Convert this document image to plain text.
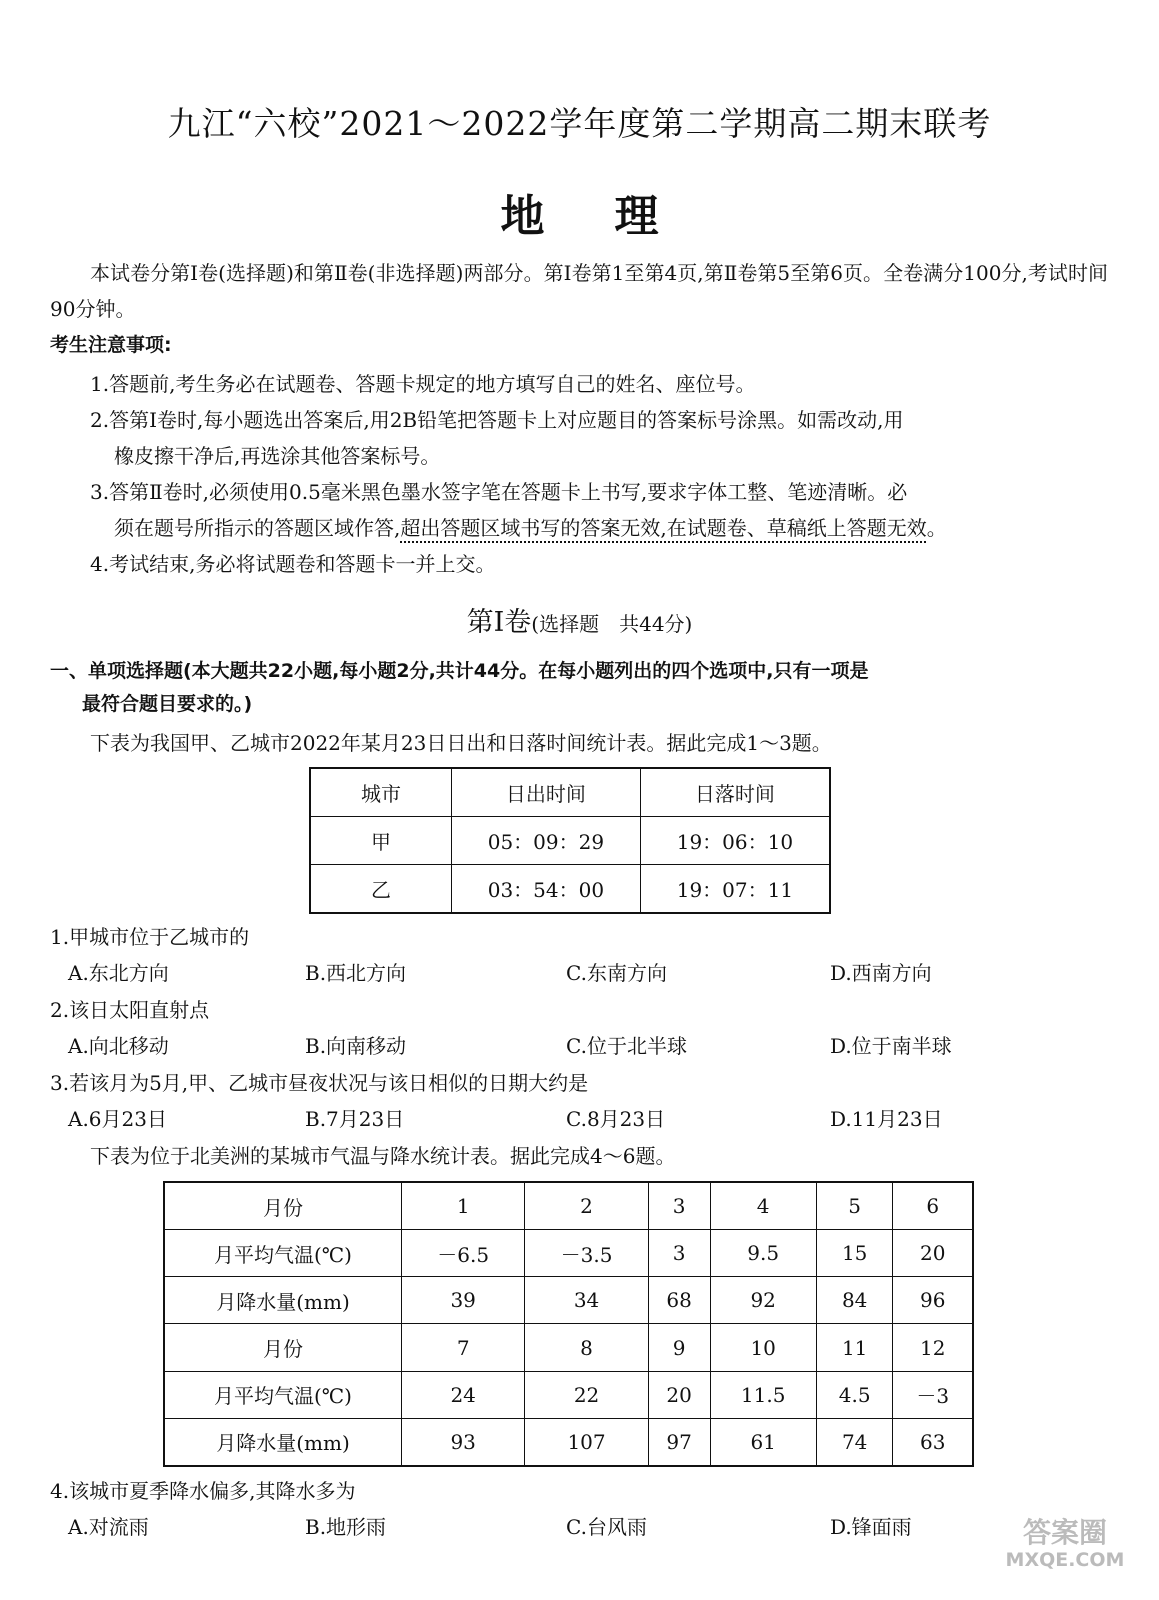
九江“六校”2021～2022学年度第二学期高二期末联考
地理
本试卷分第Ⅰ卷(选择题)和第Ⅱ卷(非选择题)两部分。第Ⅰ卷第1至第4页,第Ⅱ卷第5至第6页。全卷满分100分,考试时间90分钟。
考生注意事项:
1.答题前,考生务必在试题卷、答题卡规定的地方填写自己的姓名、座位号。
2.答第Ⅰ卷时,每小题选出答案后,用2B铅笔把答题卡上对应题目的答案标号涂黑。如需改动,用
橡皮擦干净后,再选涂其他答案标号。
3.答第Ⅱ卷时,必须使用0.5毫米黑色墨水签字笔在答题卡上书写,要求字体工整、笔迹清晰。必
须在题号所指示的答题区域作答,超出答题区域书写的答案无效,在试题卷、草稿纸上答题无效。
4.考试结束,务必将试题卷和答题卡一并上交。
第Ⅰ卷(选择题　共44分)
一、单项选择题(本大题共22小题,每小题2分,共计44分。在每小题列出的四个选项中,只有一项是
最符合题目要求的。)
下表为我国甲、乙城市2022年某月23日日出和日落时间统计表。据此完成1～3题。
城市	日出时间	日落时间
甲	05：09：29	19：06：10
乙	03：54：00	19：07：11
1.甲城市位于乙城市的
A.东北方向	B.西北方向	C.东南方向	D.西南方向
2.该日太阳直射点
A.向北移动	B.向南移动	C.位于北半球	D.位于南半球
3.若该月为5月,甲、乙城市昼夜状况与该日相似的日期大约是
A.6月23日	B.7月23日	C.8月23日	D.11月23日
下表为位于北美洲的某城市气温与降水统计表。据此完成4～6题。
月份	1	2	3	4	5	6
月平均气温(℃)	－6.5	－3.5	3	9.5	15	20
月降水量(mm)	39	34	68	92	84	96
月份	7	8	9	10	11	12
月平均气温(℃)	24	22	20	11.5	4.5	－3
月降水量(mm)	93	107	97	61	74	63
4.该城市夏季降水偏多,其降水多为
A.对流雨	B.地形雨	C.台风雨	D.锋面雨	答案圈
MXQE.COM
